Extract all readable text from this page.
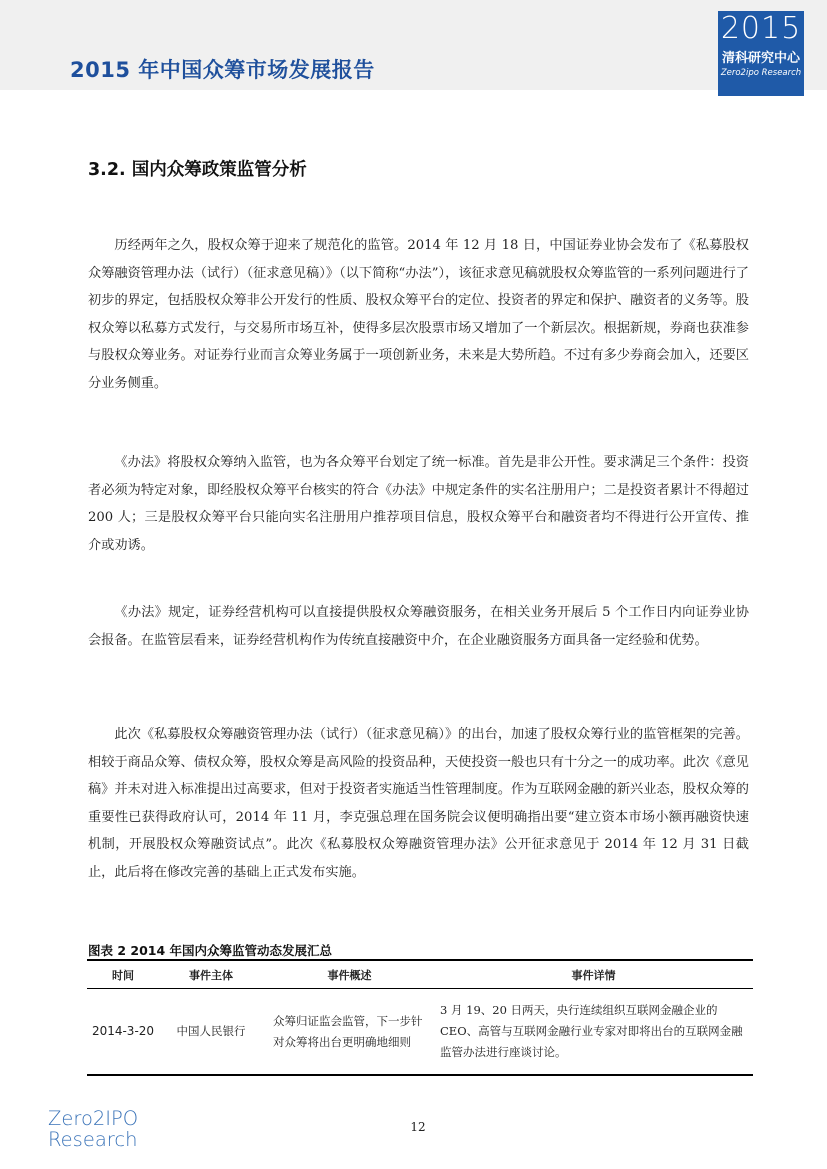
2015 年中国众筹市场发展报告
2015
清科研究中心
Zero2ipo Research
3.2. 国内众筹政策监管分析
历经两年之久，股权众筹于迎来了规范化的监管。2014 年 12 月 18 日，中国证券业协会发布了《私募股权众筹融资管理办法（试行）（征求意见稿）》（以下简称“办法”），该征求意见稿就股权众筹监管的一系列问题进行了初步的界定，包括股权众筹非公开发行的性质、股权众筹平台的定位、投资者的界定和保护、融资者的义务等。股权众筹以私募方式发行，与交易所市场互补，使得多层次股票市场又增加了一个新层次。根据新规，券商也获准参与股权众筹业务。对证券行业而言众筹业务属于一项创新业务，未来是大势所趋。不过有多少券商会加入，还要区分业务侧重。
《办法》将股权众筹纳入监管，也为各众筹平台划定了统一标准。首先是非公开性。要求满足三个条件：投资者必须为特定对象，即经股权众筹平台核实的符合《办法》中规定条件的实名注册用户；二是投资者累计不得超过 200 人；三是股权众筹平台只能向实名注册用户推荐项目信息，股权众筹平台和融资者均不得进行公开宣传、推介或劝诱。
《办法》规定，证券经营机构可以直接提供股权众筹融资服务，在相关业务开展后 5 个工作日内向证券业协会报备。在监管层看来，证券经营机构作为传统直接融资中介，在企业融资服务方面具备一定经验和优势。
此次《私募股权众筹融资管理办法（试行）（征求意见稿）》的出台，加速了股权众筹行业的监管框架的完善。相较于商品众筹、债权众筹，股权众筹是高风险的投资品种，天使投资一般也只有十分之一的成功率。此次《意见稿》并未对进入标准提出过高要求，但对于投资者实施适当性管理制度。作为互联网金融的新兴业态，股权众筹的重要性已获得政府认可，2014 年 11 月，李克强总理在国务院会议便明确指出要“建立资本市场小额再融资快速机制，开展股权众筹融资试点”。此次《私募股权众筹融资管理办法》公开征求意见于 2014 年 12 月 31 日截止，此后将在修改完善的基础上正式发布实施。
图表 2 2014 年国内众筹监管动态发展汇总
时间	事件主体	事件概述	事件详情
2014-3-20	中国人民银行	众筹归证监会监管，下一步针对众筹将出台更明确地细则	3 月 19、20 日两天，央行连续组织互联网金融企业的 CEO、高管与互联网金融行业专家对即将出台的互联网金融监管办法进行座谈讨论。
Zero2IPO
Research
12
